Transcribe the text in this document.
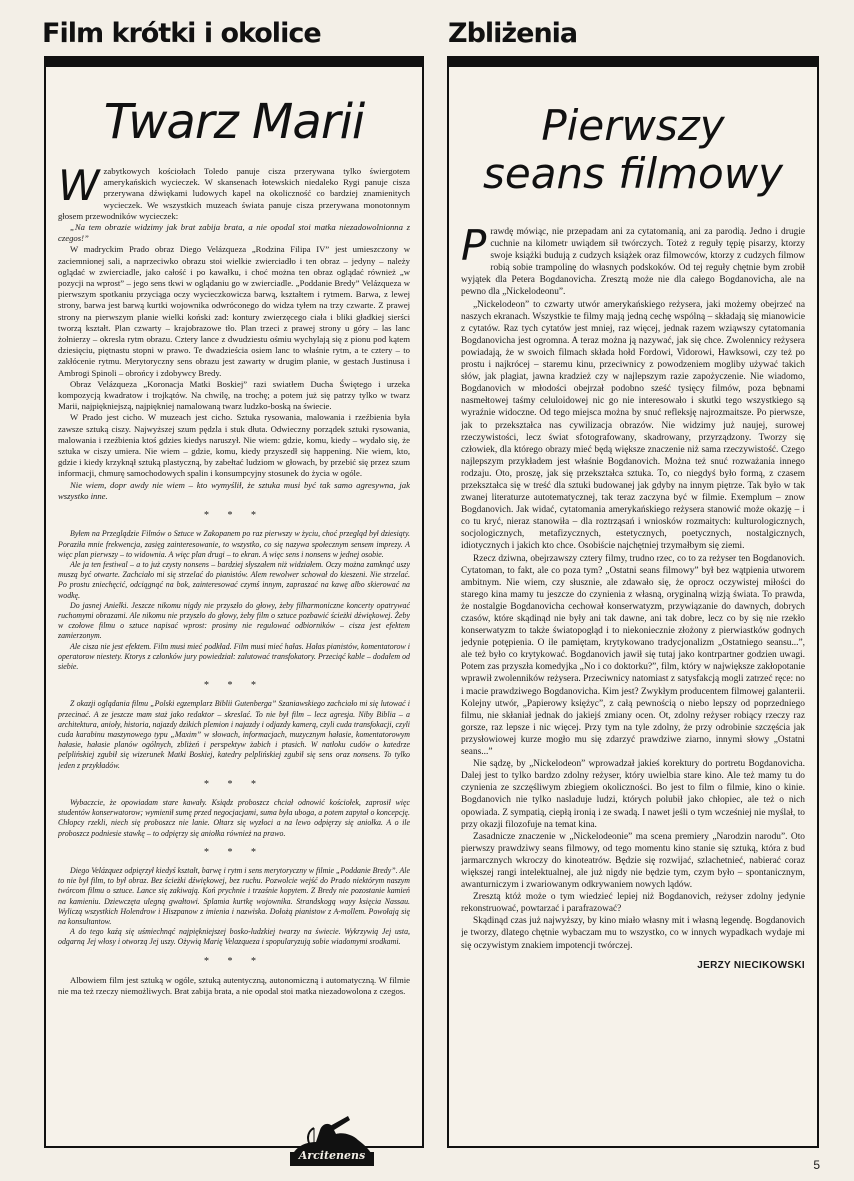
Film krótki i okolice	Zbliżenia
Twarz Marii

Wzabytkowych kościołach Toledo panuje cisza przerywana tylko świergotem amerykańskich wycieczek. W skansenach łotewskich niedaleko Rygi panuje cisza przerywana dźwiękami ludowych kapel na okoliczność co bardziej znamienitych wycieczek. We wszystkich muzeach świata panuje cisza przerywana monotonnym głosem przewodników wycieczek:

„Na tem obrazie widzimy jak brat zabija brata, a nie opodal stoi matka niezadowolnionna z czegos!”

W madryckim Prado obraz Diego Velázqueza „Rodzina Filipa IV” jest umieszczony w zaciemnionej sali, a naprzeciwko obrazu stoi wielkie zwierciadło i ten obraz – jedyny – należy oglądać w zwierciadle, jako całość i po kawałku, i choć można ten obraz oglądać również „w pozycji na wprost” – jego sens tkwi w oglądaniu go w zwierciadle. „Poddanie Bredy” Velázqueza w pierwszym spotkaniu przyciąga oczy wycieczkowicza barwą, kształtem i rytmem. Barwa, z lewej strony, barwa jest barwą kurtki wojownika odwróconego do widza tyłem na trzy czwarte. Z prawej strony na pierwszym planie wielki koński zad: kontury zwierzęcego ciała i bliki gładkiej sierści tworzą kształt. Plan czwarty – krajobrazowe tło. Plan trzeci z prawej strony u góry – las lanc żołnierzy – okresla rytm obrazu. Cztery lance z dwudziestu ośmiu wychylają się z pionu pod kątem dziesięciu, piętnastu stopni w prawo. Te dwadzieścia osiem lanc to właśnie rytm, a te cztery – to zakłócenie rytmu. Merytoryczny sens obrazu jest zawarty w drugim planie, w gestach Justinusa i Ambrogi Spinoli – obrońcy i zdobywcy Bredy.

Obraz Velázqueza „Koronacja Matki Boskiej” razi swiatłem Ducha Świętego i urzeka kompozycją kwadratow i trojkątów. Na chwilę, na trochę; a potem już się patrzy tylko w twarz Marii, najpiękniejszą, najpiękniej namalowaną twarz ludzko-boską na świecie.

W Prado jest cicho. W muzeach jest cicho. Sztuka rysowania, malowania i rzeźbienia była zawsze sztuką ciszy. Najwyższej szum pędzla i stuk dłuta. Odwieczny porządek sztuki rysowania, malowania i rzeźbienia ktoś gdzies kiedys naruszył. Nie wiem: gdzie, komu, kiedy – wydało się, że sztuka w ciszy umiera. Nie wiem – gdzie, komu, kiedy przyszedł się happening. Nie wiem, kto, gdzie i kiedy krzyknął sztuką plastyczną, by zabełtać ludziom w głowach, by przebić się przez szum informacji, chmurę samochodowych spalin i konsumpcyjny stosunek do życia w ogóle.

Nie wiem, dopr awdy nie wiem – kto wymyślił, że sztuka musi być tak samo agresywna, jak wszystko inne.

* * *

Byłem na Przeglądzie Filmów o Sztuce w Zakopanem po raz pierwszy w życiu, choć przegląd był dziesiąty. Poraziła mnie frekwencja, zasięg zainteresowanie, to wszystko, co się nazywa społecznym sensem imprezy. A więc plan pierwszy – to widownia. A więc plan drugi – to ekran. A więc sens i nonsens w jednej osobie.

Ale ja ten festiwal – a to już czysty nonsens – bardziej słyszałem niż widziałem. Oczy można zamknąć uszy muszą być otwarte. Zachciało mi się strzelać do pianistów. Alem rewolwer schował do kieszeni. Nie strzelać. Po prostu zniechęcić, odciągnąć na bok, zainteresować czymś innym, zapraszać na kawę albo skierować na wodkę.

Do jasnej Anielki. Jeszcze nikomu nigdy nie przyszło do głowy, żeby filharmoniczne koncerty opatrywać ruchomymi obrazami. Ale nikomu nie przyszło do głowy, żeby film o sztuce pozbawić ścieżki dźwiękowej. Żeby w czołowe filmu o sztuce napisać wprost: prosimy nie regulować odbiorników – cisza jest efektem zamierzonym.

Ale cisza nie jest efektem. Film musi mieć podkład. Film musi mieć hałas. Hałas pianistów, komentatorow i operatorow niestety. Ktorys z członków jury powiedział: zalutować transfokatory. Przeciąć kable – dodałem od siebie.

* * *

Z okazji oglądania filmu „Polski egzemplarz Biblii Gutenberga” Szaniawskiego zachciało mi się lutować i przecinać. A ze jeszcze mam staż jako redaktor – skreslać. To nie był film – lecz agresja. Niby Biblia – a architektura, anioły, historia, najazdy dzikich plemion i najazdy i odjazdy kamerą, czyli cuda transfokacji, czyli cuda karabinu maszynowego typu „Maxim” w słowach, informacjach, muzycznym hałasie, komentatorowym hałasie, hałasie planów ogólnych, zbliżeń i perspektyw żabich i ptasich. W natłoku cudów o katedrze pelplińskiej zgubił się wizerunek Matki Boskiej, katedry pelplińskiej zgubił się sens oraz nonsens. To tylko jeden z przykładów.

* * *

Wybaczcie, że opowiadam stare kawały. Ksiądz proboszcz chciał odnowić kościołek, zaprosił więc studentów konserwatorow; wymienił sumę przed negocjacjami, suma była uboga, a potem zapytał o koncepcję. Chłopcy rzekli, niech się proboszcz nie lanie. Ołtarz się wyzłoci a na lewo odpięrzy się aniołka. A o ile proboszcz podniesie stawkę – to odpięrzy się aniołka również na prawo.

* * *

Diego Velázquez odpięrzył kiedyś kształt, barwę i rytm i sens merytoryczny w filmie „Poddanie Bredy”. Ale to nie był film, to był obraz. Bez ścieżki dźwiękowej, bez ruchu. Pozwolcie wejść do Prado niektórym naszym twórcom filmu o sztuce. Lance się zakiwają. Koń prychnie i trzaśnie kopytem. Z Bredy nie pozostanie kamień na kamieniu. Dziewczęta ulegną gwałtowi. Splamia kurtkę wojownika. Strandskogą wayy księcia Nassau. Wyliczą wszystkich Holendrow i Hiszpanow z imienia i nazwiska. Dołożą pianistow z A-mollem. Powołają się na konsultantow.

A do tego kaźą się uśmiechnąć najpiękniejszej bosko-ludzkiej twarzy na świecie. Wykrzywią Jej usta, odgarną Jej włosy i otworzą Jej uszy. Ożywią Marię Velazqueza i spopularyzują sobie wiadomymi srodkami.

* * *

Albowiem film jest sztuką w ogóle, sztuką autentyczną, autonomiczną i automatyczną. W filmie nie ma też rzeczy niemożliwych. Brat zabija brata, a nie opodal stoi matka niezadowolona z czegos.

Pierwszy
seans filmowy

Prawdę mówiąc, nie przepadam ani za cytatomanią, ani za parodią. Jedno i drugie cuchnie na kilometr uwiądem sił twórczych. Toteż z reguły tępię pisarzy, ktorzy swoje książki budują z cudzych książek oraz filmowców, ktorzy z cudzych filmow robią sobie trampolinę do własnych podskoków. Od tej reguły chętnie bym zrobił wyjątek dla Petera Bogdanovicha. Zresztą może nie dla całego Bogdanovicha, ale na pewno dla „Nickelodeonu”.

„Nickelodeon” to czwarty utwór amerykańskiego reżysera, jaki możemy obejrzeć na naszych ekranach. Wszystkie te filmy mają jedną cechę wspólną – składają się mianowicie z cytatów. Raz tych cytatów jest mniej, raz więcej, jednak razem wziąwszy cytatomania Bogdanovicha jest ogromna. A teraz można ją nazywać, jak się chce. Zwolennicy reżysera powiadają, że w swoich filmach składa hołd Fordowi, Vidorowi, Hawksowi, czy też po prostu i najkrócej – staremu kinu, przeciwnicy z powodzeniem mogliby używać takich słów, jak plagiat, jawna kradzież czy w najlepszym razie zapożyczenie. Nie wiadomo, Bogdanovich w młodości obejrzał podobno sześć tysięcy filmów, poza bębnami nasmełtowej taśmy celuloidowej nic go nie interesowało i skutki tego wszystkiego są wyraźnie widoczne. Od tego miejsca można by snuć refleksję najrozmaitsze. Po pierwsze, jak to przekształca nas cywilizacja obrazów. Nie widzimy już naujej, surowej rzeczywistości, lecz świat sfotografowany, skadrowany, przyrządzony. Tworzy się człowiek, dla którego obrazy mieć będą większe znaczenie niż sama rzeczywistość. Czego najlepszym przykładem jest właśnie Bogdanovich. Można też snuć rozważania innego rodzaju. Oto, proszę, jak się przekształca sztuka. To, co niegdyś było formą, z czasem przekształca się w treść dla sztuki budowanej jak gdyby na innym piętrze. Tak było w tak zwanej literaturze autotematycznej, tak teraz zaczyna być w filmie. Exemplum – znow Bogdanovich. Jak widać, cytatomania amerykańskiego reżysera stanowić może okazję – i co tu kryć, nieraz stanowiła – dla roztrząsań i wniosków rozmaitych: kulturologicznych, socjologicznych, metafizycznych, estetycznych, poetycznych, nostalgicznych, idiotycznych i jakich kto chce. Osobiście najchętniej trzymałbym się ziemi.

Rzecz dziwna, obejrzawszy cztery filmy, trudno rzec, co to za reżyser ten Bogdanovich. Cytatoman, to fakt, ale co poza tym? „Ostatni seans filmowy” był bez wątpienia utworem ambitnym. Nie wiem, czy słusznie, ale zdawało się, że oprocz oczywistej miłości do starego kina mamy tu jeszcze do czynienia z własną, oryginalną wizją świata. To prawda, że nostalgie Bogdanovicha cechował konserwatyzm, przywiązanie do dawnych, dobrych czasów, które skądinąd nie były ani tak dawne, ani tak dobre, lecz co by się nie rzekło konserwatyzm to także światopogląd i to niekoniecznie złożony z pierwiastków godnych jedynie potępienia. O ile pamiętam, krytykowano tradycjonalizm „Ostatniego seansu...”, ale też było co krytykować. Bogdanovich jawił się tutaj jako kontrpartner godzien uwagi. Potem zas przyszła komedyjka „No i co doktorku?”, film, który w największe zakłopotanie wprawił zwolenników reżysera. Przeciwnicy natomiast z satysfakcją mogli zatrzeć ręce: no i macie prawdziwego Bogdanovicha. Kim jest? Zwykłym producentem filmowej galanterii. Kolejny utwór, „Papierowy księżyc”, z całą pewnością o niebo lepszy od poprzedniego filmu, nie skłaniał jednak do jakiejś zmiany ocen. Ot, zdolny reżyser robiący rzeczy raz gorsze, raz lepsze i nic więcej. Przy tym na tyle zdolny, że przy odrobinie szczęścia jak przysłowiowej kurze mogło mu się zdarzyć prawdziwe ziarno, innymi słowy „Ostatni seans...”

Nie sądzę, by „Nickelodeon” wprowadzał jakieś korektury do portretu Bogdanovicha. Dalej jest to tylko bardzo zdolny reżyser, który uwielbia stare kino. Ale też mamy tu do czynienia ze szczęśliwym zbiegiem okoliczności. Bo jest to film o filmie, kino o kinie. Bogdanovich nie tylko nasladuje ludzi, których polubił jako chłopiec, ale też o nich opowiada. Z sympatią, ciepłą ironią i ze swadą. I nawet jeśli o tym wcześniej nie myślał, to przy okazji filozofuje na temat kina.

Zasadnicze znaczenie w „Nickelodeonie” ma scena premiery „Narodzin narodu”. Oto pierwszy prawdziwy seans filmowy, od tego momentu kino stanie się sztuką, która z bud jarmarcznych wkroczy do kinoteatrów. Będzie się rozwijać, szlachetnieć, nabierać coraz większej rangi intelektualnej, ale już nigdy nie będzie tym, czym było – spontanicznym, awanturniczym i zwariowanym odkrywaniem nowych lądów.

Zresztą któż może o tym wiedzieć lepiej niż Bogdanovich, reżyser zdolny jedynie rekonstruować, powtarzać i parafrazować?

Skądinąd czas już najwyższy, by kino miało własny mit i własną legendę. Bogdanovich je tworzy, dlatego chętnie wybaczam mu to wszystko, co w innych wypadkach wydaje mi się oczywistym znakiem impotencji twórczej.

JERZY NIECIKOWSKI
Arcitenens
5
